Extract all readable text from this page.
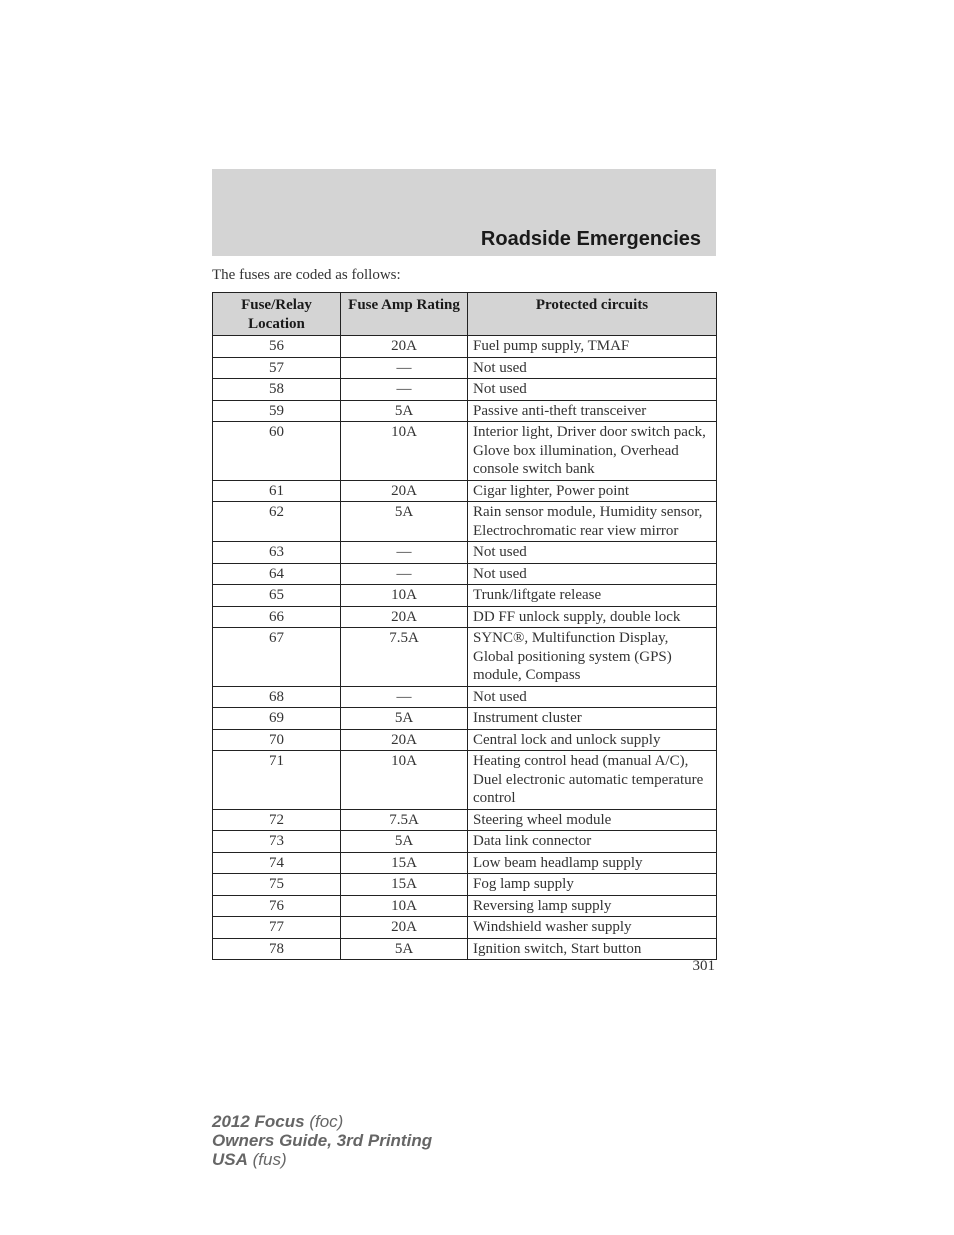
Roadside Emergencies

The fuses are coded as follows:

Fuse/Relay Location	Fuse Amp Rating	Protected circuits
56	20A	Fuel pump supply, TMAF
57	—	Not used
58	—	Not used
59	5A	Passive anti-theft transceiver
60	10A	Interior light, Driver door switch pack, Glove box illumination, Overhead console switch bank
61	20A	Cigar lighter, Power point
62	5A	Rain sensor module, Humidity sensor, Electrochromatic rear view mirror
63	—	Not used
64	—	Not used
65	10A	Trunk/liftgate release
66	20A	DD FF unlock supply, double lock
67	7.5A	SYNC®, Multifunction Display, Global positioning system (GPS) module, Compass
68	—	Not used
69	5A	Instrument cluster
70	20A	Central lock and unlock supply
71	10A	Heating control head (manual A/C), Duel electronic automatic temperature control
72	7.5A	Steering wheel module
73	5A	Data link connector
74	15A	Low beam headlamp supply
75	15A	Fog lamp supply
76	10A	Reversing lamp supply
77	20A	Windshield washer supply
78	5A	Ignition switch, Start button

301

2012 Focus (foc)
Owners Guide, 3rd Printing
USA (fus)
